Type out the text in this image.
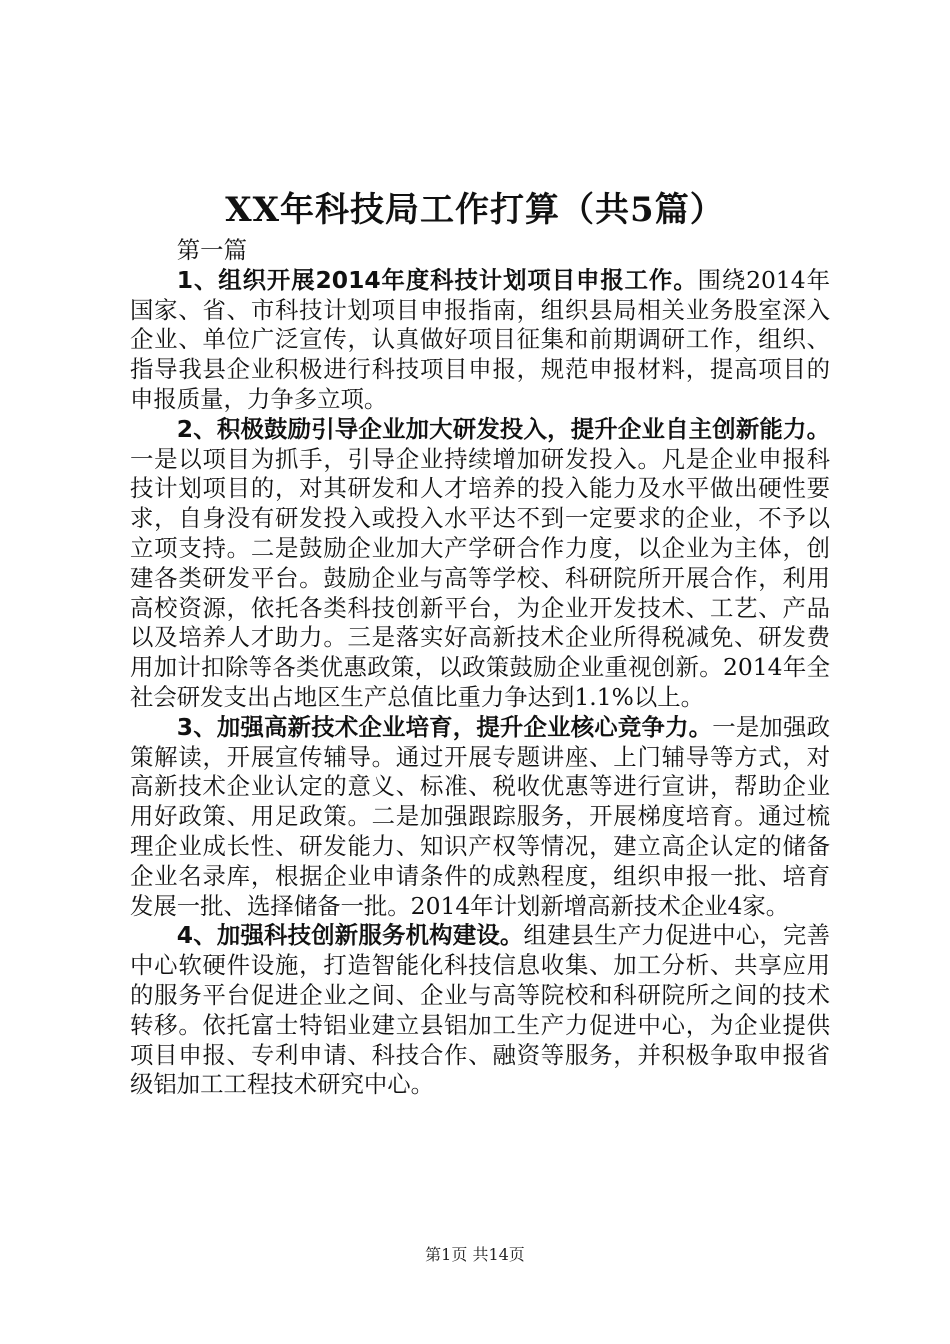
XX年科技局工作打算（共5篇）

第一篇

1、组织开展2014年度科技计划项目申报工作。围绕2014年国家、省、市科技计划项目申报指南，组织县局相关业务股室深入企业、单位广泛宣传，认真做好项目征集和前期调研工作，组织、指导我县企业积极进行科技项目申报，规范申报材料，提高项目的申报质量，力争多立项。

2、积极鼓励引导企业加大研发投入，提升企业自主创新能力。一是以项目为抓手，引导企业持续增加研发投入。凡是企业申报科技计划项目的，对其研发和人才培养的投入能力及水平做出硬性要求，自身没有研发投入或投入水平达不到一定要求的企业，不予以立项支持。二是鼓励企业加大产学研合作力度，以企业为主体，创建各类研发平台。鼓励企业与高等学校、科研院所开展合作，利用高校资源，依托各类科技创新平台，为企业开发技术、工艺、产品以及培养人才助力。三是落实好高新技术企业所得税减免、研发费用加计扣除等各类优惠政策，以政策鼓励企业重视创新。2014年全社会研发支出占地区生产总值比重力争达到1.1%以上。

3、加强高新技术企业培育，提升企业核心竞争力。一是加强政策解读，开展宣传辅导。通过开展专题讲座、上门辅导等方式，对高新技术企业认定的意义、标准、税收优惠等进行宣讲，帮助企业用好政策、用足政策。二是加强跟踪服务，开展梯度培育。通过梳理企业成长性、研发能力、知识产权等情况，建立高企认定的储备企业名录库，根据企业申请条件的成熟程度，组织申报一批、培育发展一批、选择储备一批。2014年计划新增高新技术企业4家。

4、加强科技创新服务机构建设。组建县生产力促进中心，完善中心软硬件设施，打造智能化科技信息收集、加工分析、共享应用的服务平台促进企业之间、企业与高等院校和科研院所之间的技术转移。依托富士特铝业建立县铝加工生产力促进中心，为企业提供项目申报、专利申请、科技合作、融资等服务，并积极争取申报省级铝加工工程技术研究中心。

第1页 共14页
